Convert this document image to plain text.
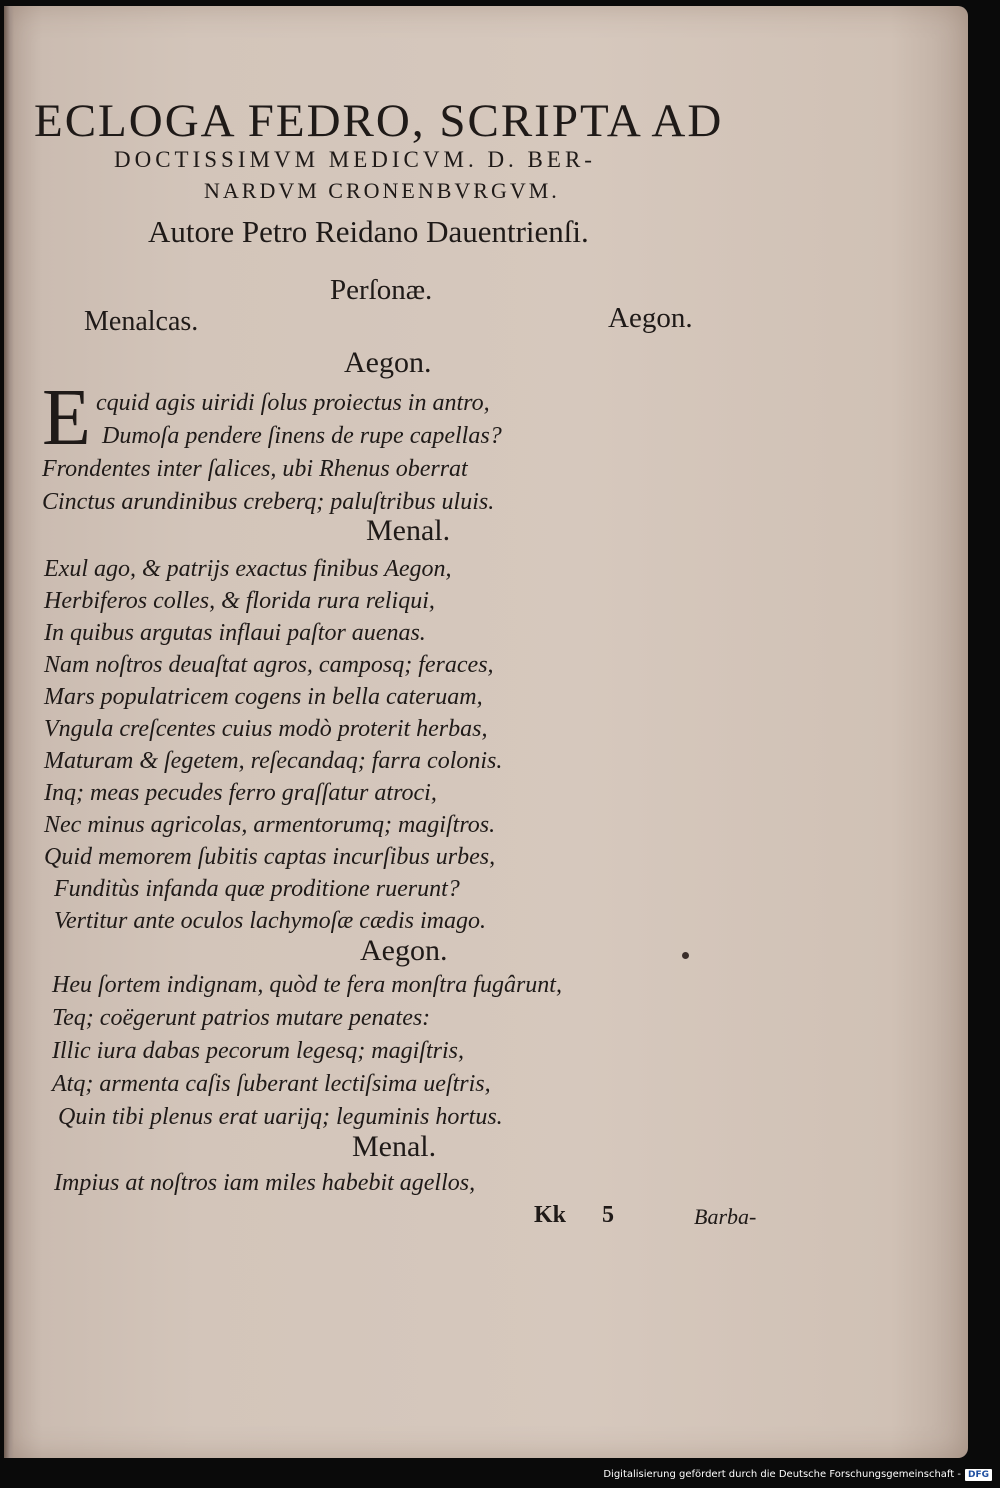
ECLOGA FEDRO, SCRIPTA AD
DOCTISSIMVM MEDICVM. D. BER-
NARDVM CRONENBVRGVM.
Autore Petro Reidano Dauentrienſi.
Perſonæ.
Menalcas.	Aegon.
Aegon.
E cquid agis uiridi ſolus proiectus in antro,
Dumoſa pendere ſinens de rupe capellas?
Frondentes inter ſalices, ubi Rhenus oberrat
Cinctus arundinibus creberq; paluſtribus uluis.
Menal.
Exul ago, & patrijs exactus finibus Aegon,
Herbiferos colles, & florida rura reliqui,
In quibus argutas inflaui paſtor auenas.
Nam noſtros deuaſtat agros, camposq; feraces,
Mars populatricem cogens in bella cateruam,
Vngula creſcentes cuius modò proterit herbas,
Maturam & ſegetem, reſecandaq; farra colonis.
Inq; meas pecudes ferro graſſatur atroci,
Nec minus agricolas, armentorumq; magiſtros.
Quid memorem ſubitis captas incurſibus urbes,
Funditùs infanda quæ proditione ruerunt?
Vertitur ante oculos lachymoſæ cædis imago.
Aegon.
Heu ſortem indignam, quòd te fera monſtra fugârunt,
Teq; coëgerunt patrios mutare penates:
Illic iura dabas pecorum legesq; magiſtris,
Atq; armenta caſis ſuberant lectiſsima ueſtris,
Quin tibi plenus erat uarijq; leguminis hortus.
Menal.
Impius at noſtros iam miles habebit agellos,
Kk 5	Barba-
Digitalisierung gefördert durch die Deutsche Forschungsgemeinschaft - DFG
